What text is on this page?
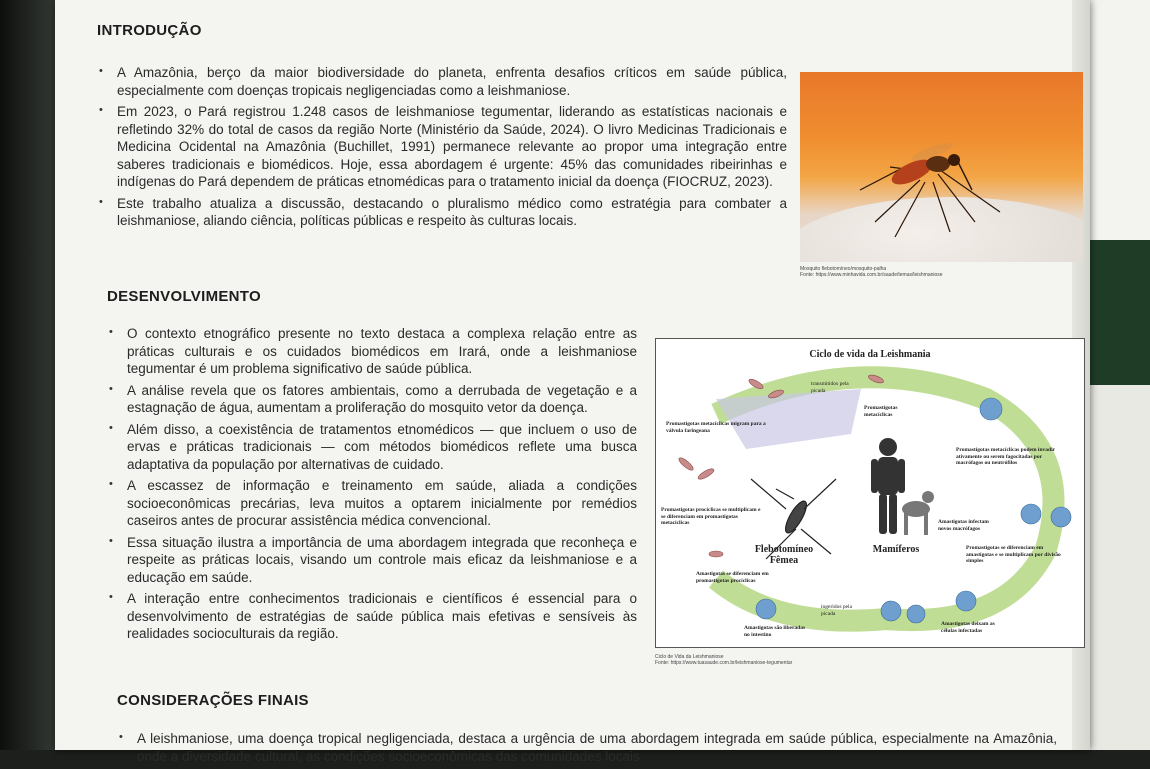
INTRODUÇÃO
• A Amazônia, berço da maior biodiversidade do planeta, enfrenta desafios críticos em saúde pública, especialmente com doenças tropicais negligenciadas como a leishmaniose.
• Em 2023, o Pará registrou 1.248 casos de leishmaniose tegumentar, liderando as estatísticas nacionais e refletindo 32% do total de casos da região Norte (Ministério da Saúde, 2024). O livro Medicinas Tradicionais e Medicina Ocidental na Amazônia (Buchillet, 1991) permanece relevante ao propor uma integração entre saberes tradicionais e biomédicos. Hoje, essa abordagem é urgente: 45% das comunidades ribeirinhas e indígenas do Pará dependem de práticas etnomédicas para o tratamento inicial da doença (FIOCRUZ, 2023).
• Este trabalho atualiza a discussão, destacando o pluralismo médico como estratégia para combater a leishmaniose, aliando ciência, políticas públicas e respeito às culturas locais.
Mosquito flebotomíneo/mosquito-palha
Fonte: https://www.minhavida.com.br/saude/temas/leishmaniose
DESENVOLVIMENTO
• O contexto etnográfico presente no texto destaca a complexa relação entre as práticas culturais e os cuidados biomédicos em Irará, onde a leishmaniose tegumentar é um problema significativo de saúde pública.
• A análise revela que os fatores ambientais, como a derrubada de vegetação e a estagnação de água, aumentam a proliferação do mosquito vetor da doença.
• Além disso, a coexistência de tratamentos etnomédicos — que incluem o uso de ervas e práticas tradicionais — com métodos biomédicos reflete uma busca adaptativa da população por alternativas de cuidado.
• A escassez de informação e treinamento em saúde, aliada a condições socioeconômicas precárias, leva muitos a optarem inicialmente por remédios caseiros antes de procurar assistência médica convencional.
• Essa situação ilustra a importância de uma abordagem integrada que reconheça e respeite as práticas locais, visando um controle mais eficaz da leishmaniose e a educação em saúde.
• A interação entre conhecimentos tradicionais e científicos é essencial para o desenvolvimento de estratégias de saúde pública mais efetivas e sensíveis às realidades socioculturais da região.
Ciclo de vida da Leishmania
transmitidos pela picada
Promastigotas metacíclicas
Promastigotas metacíclicas migram para a válvula faringeana
Promastigotas metacíclicas podem invadir ativamente ou serem fagocitadas por macrófagos ou neutrófilos
Promastigotas procíclicas se multiplicam e se diferenciam em promastigotas metacíclicas	Amastigotas infectam novos macrófagos
Promastigotas se diferenciam em amastigotas e se multiplicam por divisão simples
Amastigotas se diferenciam em promastigotas procíclicas
ingeridos pela picada
Amastigotas são liberadas no intestino
Amastigotas deixam as células infectadas
Flebotomíneo Fêmea
Mamíferos
Ciclo de Vida da Leishmaniose
Fonte: https://www.tuasaude.com.br/leishmaniose-tegumentar
CONSIDERAÇÕES FINAIS
• A leishmaniose, uma doença tropical negligenciada, destaca a urgência de uma abordagem integrada em saúde pública, especialmente na Amazônia, onde a diversidade cultural, as condições socioeconômicas das comunidades locais
